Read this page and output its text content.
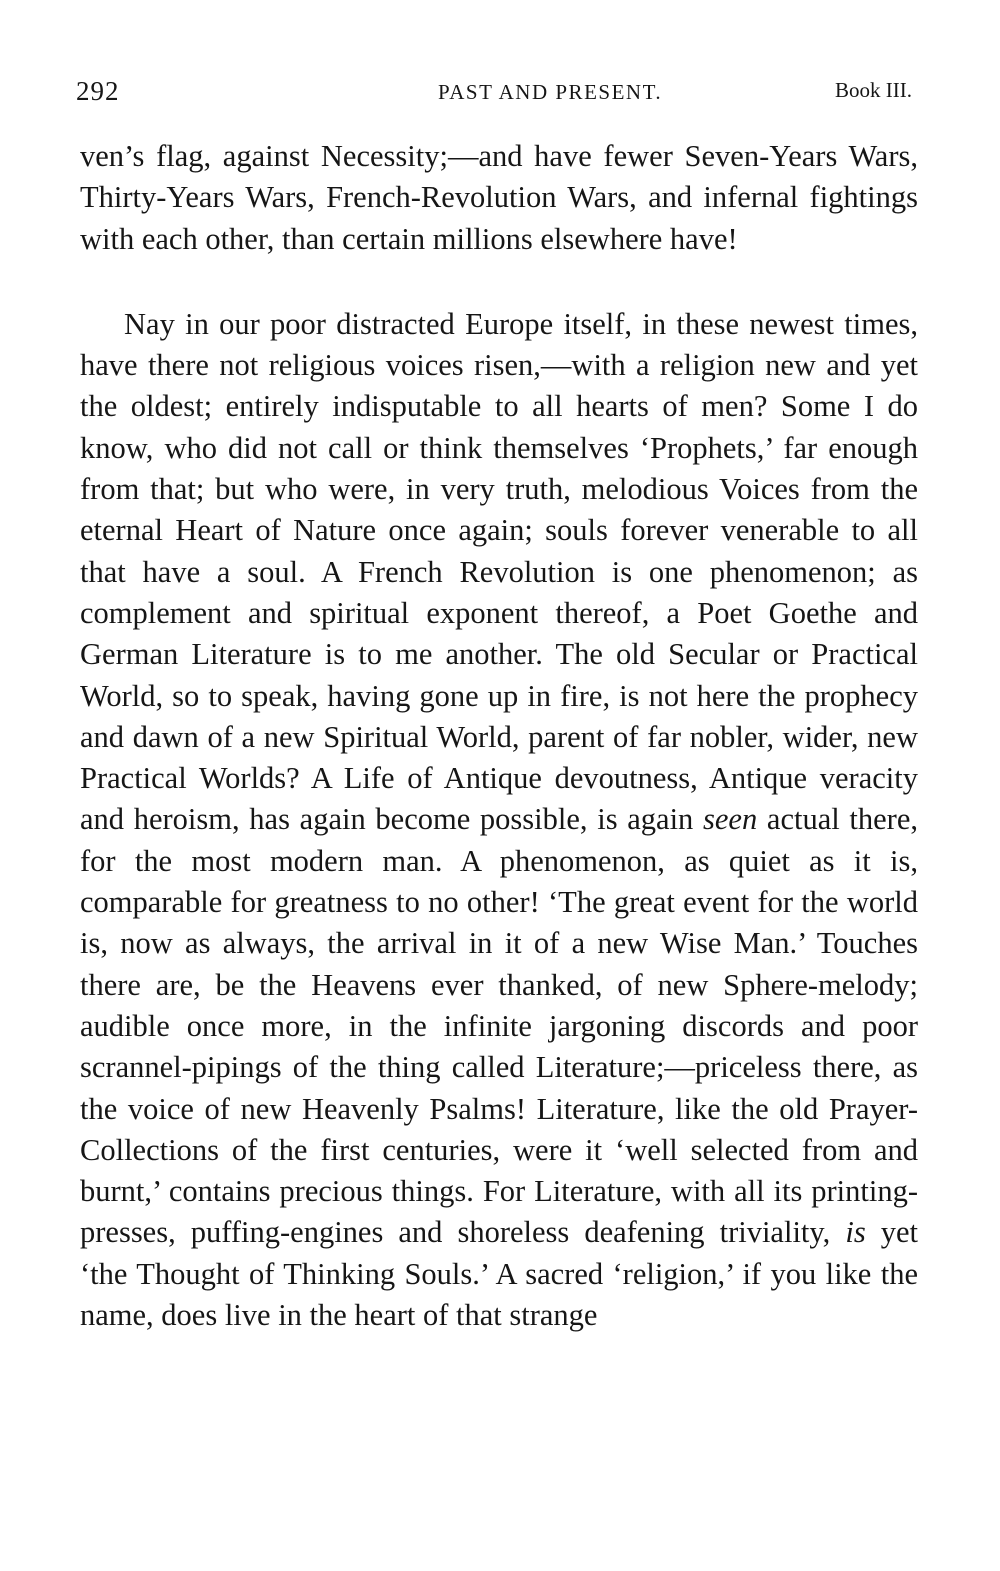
292	PAST AND PRESENT.	Book III.

ven’s flag, against Necessity;—and have fewer Seven-Years Wars, Thirty-Years Wars, French-Revolution Wars, and infernal fightings with each other, than certain millions elsewhere have!

Nay in our poor distracted Europe itself, in these newest times, have there not religious voices risen,—with a religion new and yet the oldest; entirely indisputable to all hearts of men? Some I do know, who did not call or think themselves ‘Prophets,’ far enough from that; but who were, in very truth, melodious Voices from the eternal Heart of Nature once again; souls forever venerable to all that have a soul. A French Revolution is one phenomenon; as complement and spiritual exponent thereof, a Poet Goethe and German Literature is to me another. The old Secular or Practical World, so to speak, having gone up in fire, is not here the prophecy and dawn of a new Spiritual World, parent of far nobler, wider, new Practical Worlds? A Life of Antique devoutness, Antique veracity and heroism, has again become possible, is again seen actual there, for the most modern man. A phenomenon, as quiet as it is, comparable for greatness to no other! ‘The great event for the world is, now as always, the arrival in it of a new Wise Man.’ Touches there are, be the Heavens ever thanked, of new Sphere-melody; audible once more, in the infinite jargoning discords and poor scrannel-pipings of the thing called Literature;—priceless there, as the voice of new Heavenly Psalms! Literature, like the old Prayer-Collections of the first centuries, were it ‘well selected from and burnt,’ contains precious things. For Literature, with all its printing-presses, puffing-engines and shoreless deafening triviality, is yet ‘the Thought of Thinking Souls.’ A sacred ‘religion,’ if you like the name, does live in the heart of that strange
